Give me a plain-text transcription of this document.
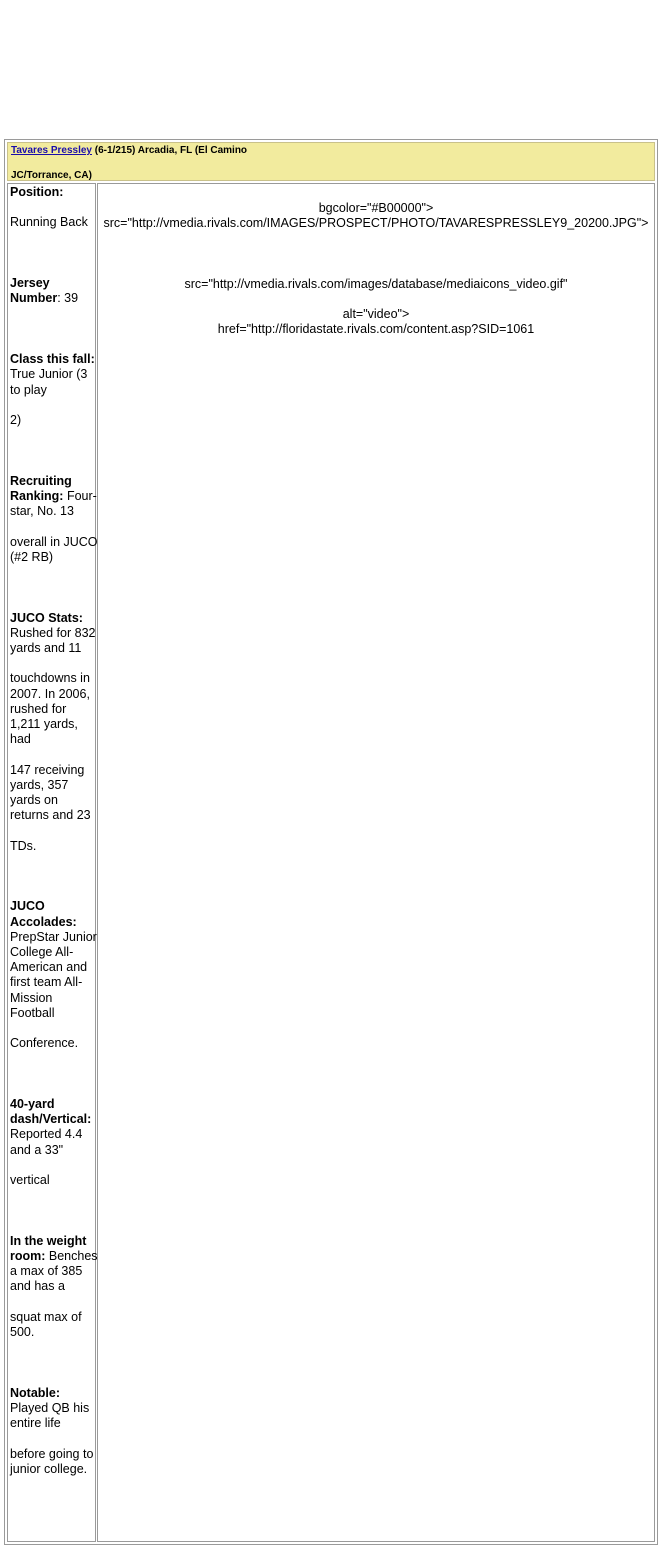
Tavares Pressley (6-1/215) Arcadia, FL (El Camino
JC/Torrance, CA)

Position:

Running Back

Jersey Number: 39

Class this fall: True Junior (3 to play

2)

Recruiting Ranking: Four-star, No. 13

overall in JUCO (#2 RB)

JUCO Stats: Rushed for 832 yards and 11

touchdowns in 2007. In 2006, rushed for 1,211 yards, had

147 receiving yards, 357 yards on returns and 23

TDs.

JUCO Accolades: PrepStar Junior College All-American and first team All-Mission Football

Conference.

40-yard dash/Vertical: Reported 4.4 and a 33"

vertical

In the weight room: Benches a max of 385 and has a

squat max of 500.

Notable: Played QB his entire life

before going to junior college.

bgcolor="#B00000">
src="http://vmedia.rivals.com/IMAGES/PROSPECT/PHOTO/TAVARESPRESSLEY9_20200.JPG">
src="http://vmedia.rivals.com/images/database/mediaicons_video.gif"
alt="video">
href="http://floridastate.rivals.com/content.asp?SID=1061
